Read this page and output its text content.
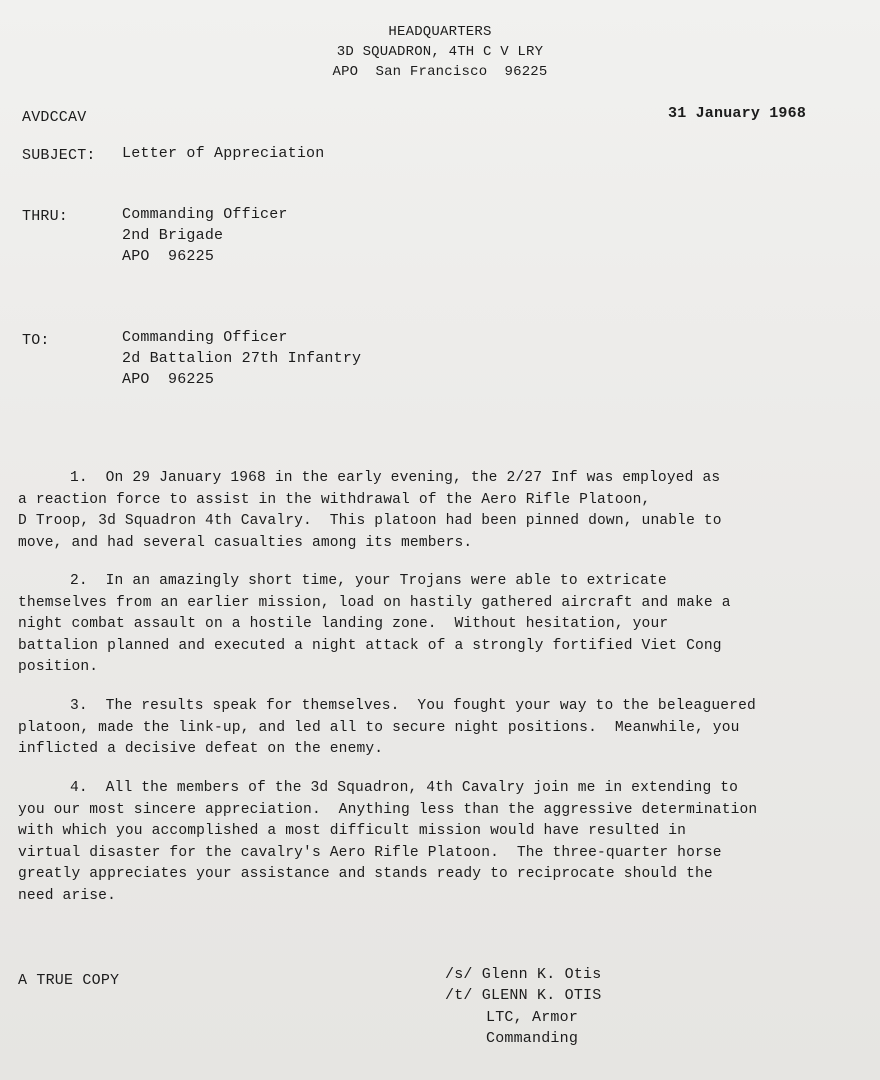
HEADQUARTERS
3D SQUADRON, 4TH C V LRY
APO  San Francisco  96225
AVDCCAV	31 January 1968
SUBJECT: Letter of Appreciation
THRU:	Commanding Officer
2nd Brigade
APO  96225
TO:	Commanding Officer
2d Battalion 27th Infantry
APO  96225
1.  On 29 January 1968 in the early evening, the 2/27 Inf was employed as
a reaction force to assist in the withdrawal of the Aero Rifle Platoon,
D Troop, 3d Squadron 4th Cavalry.  This platoon had been pinned down, unable to
move, and had several casualties among its members.
2.  In an amazingly short time, your Trojans were able to extricate
themselves from an earlier mission, load on hastily gathered aircraft and make a
night combat assault on a hostile landing zone.  Without hesitation, your
battalion planned and executed a night attack of a strongly fortified Viet Cong
position.
3.  The results speak for themselves.  You fought your way to the beleaguered
platoon, made the link-up, and led all to secure night positions.  Meanwhile, you
inflicted a decisive defeat on the enemy.
4.  All the members of the 3d Squadron, 4th Cavalry join me in extending to
you our most sincere appreciation.  Anything less than the aggressive determination
with which you accomplished a most difficult mission would have resulted in
virtual disaster for the cavalry's Aero Rifle Platoon.  The three-quarter horse
greatly appreciates your assistance and stands ready to reciprocate should the
need arise.
A TRUE COPY	/s/ Glenn K. Otis
/t/ GLENN K. OTIS
LTC, Armor
Commanding
